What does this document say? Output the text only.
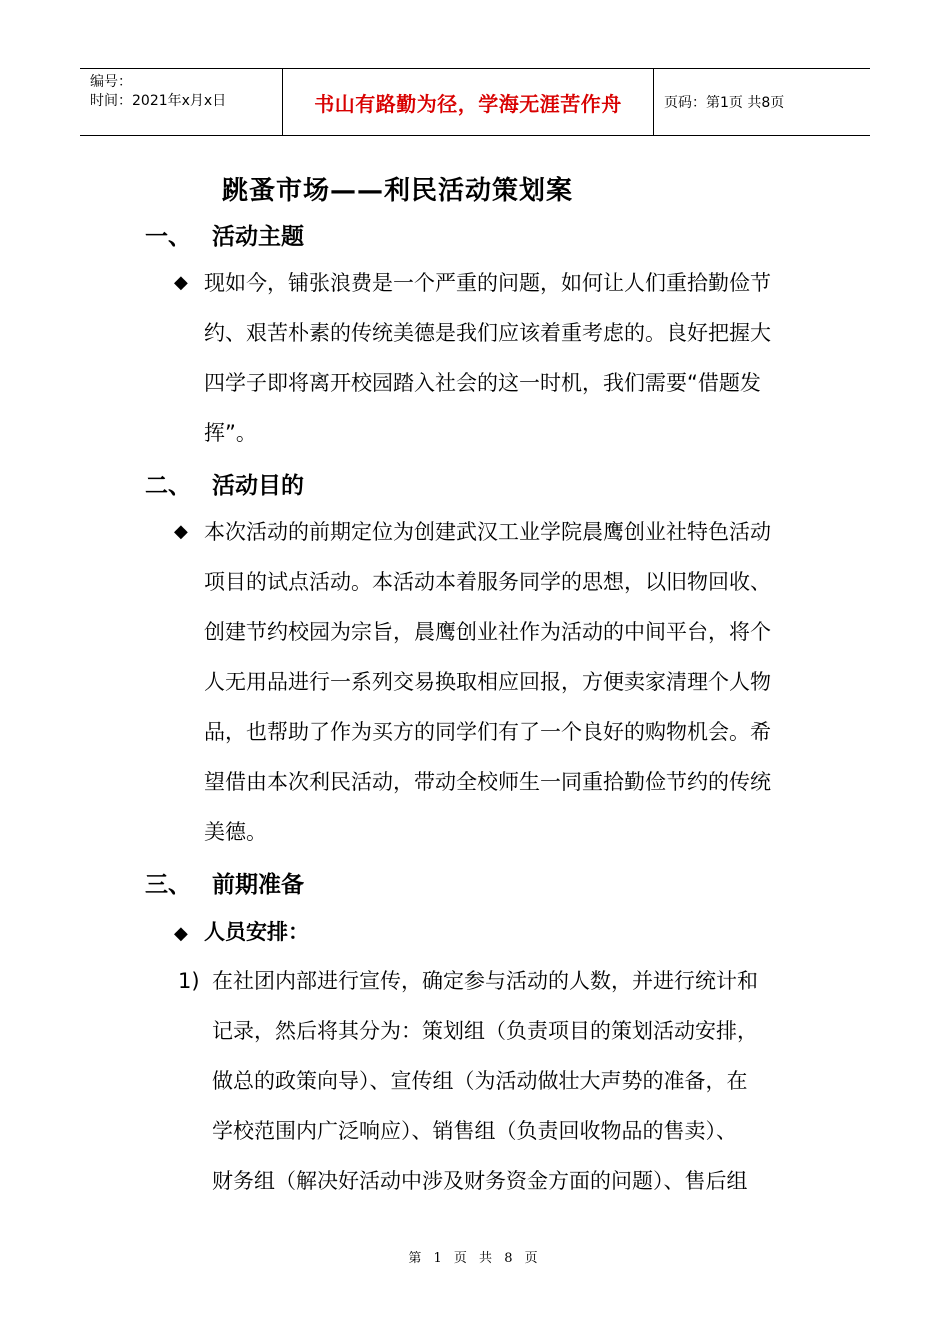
编号：
时间：2021年x月x日	书山有路勤为径，学海无涯苦作舟	页码：第1页 共8页
跳蚤市场——利民活动策划案
一、 活动主题
◆ 现如今，铺张浪费是一个严重的问题，如何让人们重拾勤俭节
约、艰苦朴素的传统美德是我们应该着重考虑的。良好把握大
四学子即将离开校园踏入社会的这一时机，我们需要“借题发
挥”。
二、 活动目的
◆ 本次活动的前期定位为创建武汉工业学院晨鹰创业社特色活动
项目的试点活动。本活动本着服务同学的思想，以旧物回收、
创建节约校园为宗旨，晨鹰创业社作为活动的中间平台，将个
人无用品进行一系列交易换取相应回报，方便卖家清理个人物
品，也帮助了作为买方的同学们有了一个良好的购物机会。希
望借由本次利民活动，带动全校师生一同重拾勤俭节约的传统
美德。
三、 前期准备
◆ 人员安排：
1) 在社团内部进行宣传，确定参与活动的人数，并进行统计和
记录，然后将其分为：策划组（负责项目的策划活动安排，
做总的政策向导）、宣传组（为活动做壮大声势的准备，在
学校范围内广泛响应）、销售组（负责回收物品的售卖）、
财务组（解决好活动中涉及财务资金方面的问题）、售后组
第 1 页 共 8 页
